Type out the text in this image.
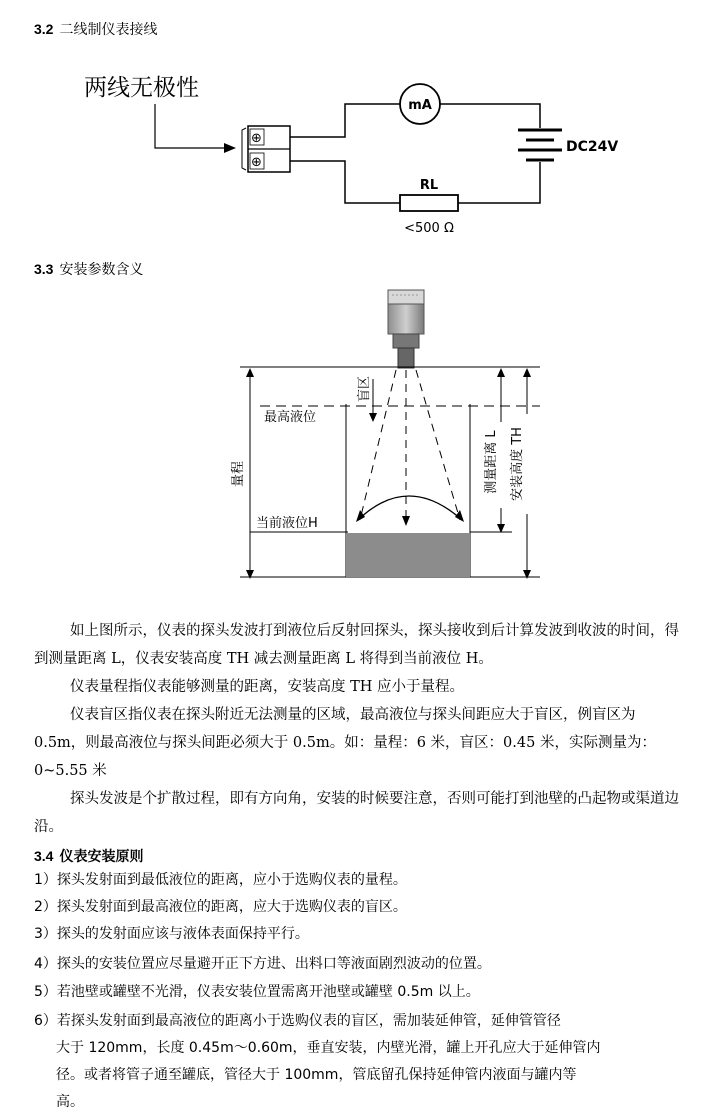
3.2 二线制仪表接线
两线无极性
⊕
⊕
mA
DC24V
RL
<500 Ω
3.3 安装参数含义
盲区
最高液位
当前液位H
量程	测量距离 L 安装高度 TH
如上图所示，仪表的探头发波打到液位后反射回探头，探头接收到后计算发波到收波的时间，得到测量距离 L，仪表安装高度 TH 减去测量距离 L 将得到当前液位 H。
仪表量程指仪表能够测量的距离，安装高度 TH 应小于量程。
仪表盲区指仪表在探头附近无法测量的区域，最高液位与探头间距应大于盲区，例盲区为 0.5m，则最高液位与探头间距必须大于 0.5m。如：量程：6 米，盲区：0.45 米，实际测量为：0~5.55 米
探头发波是个扩散过程，即有方向角，安装的时候要注意，否则可能打到池壁的凸起物或渠道边沿。
3.4 仪表安装原则
1）探头发射面到最低液位的距离，应小于选购仪表的量程。
2）探头发射面到最高液位的距离，应大于选购仪表的盲区。
3）探头的发射面应该与液体表面保持平行。
4）探头的安装位置应尽量避开正下方进、出料口等液面剧烈波动的位置。
5）若池壁或罐壁不光滑，仪表安装位置需离开池壁或罐壁 0.5m 以上。
6）若探头发射面到最高液位的距离小于选购仪表的盲区，需加装延伸管，延伸管管径
大于 120mm，长度 0.45m～0.60m，垂直安装，内壁光滑，罐上开孔应大于延伸管内
径。或者将管子通至罐底，管径大于 100mm，管底留孔保持延伸管内液面与罐内等
高。
